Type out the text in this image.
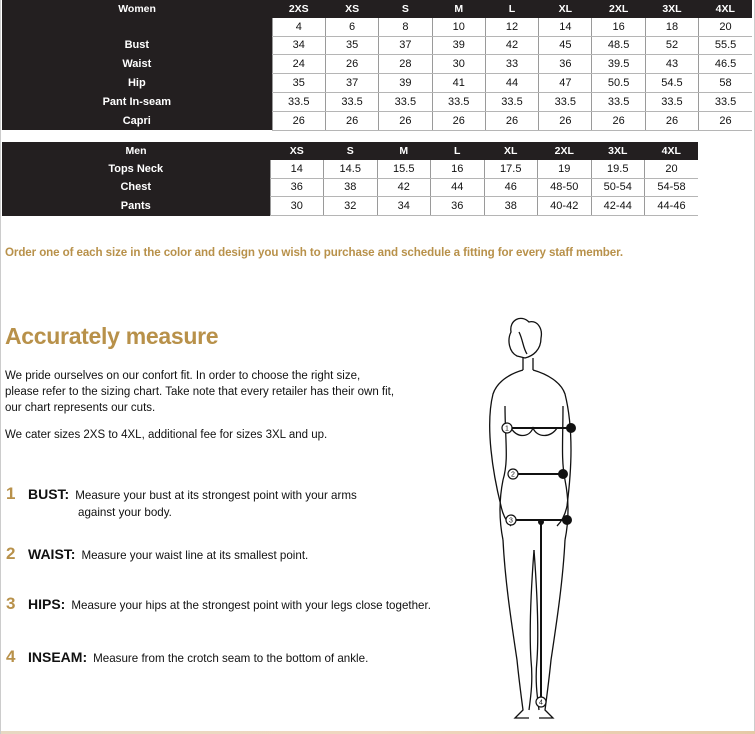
Women	2XS	XS	S	M	L	XL	2XL	3XL	4XL
	4	6	8	10	12	14	16	18	20
Bust	34	35	37	39	42	45	48.5	52	55.5
Waist	24	26	28	30	33	36	39.5	43	46.5
Hip	35	37	39	41	44	47	50.5	54.5	58
Pant In-seam	33.5	33.5	33.5	33.5	33.5	33.5	33.5	33.5	33.5
Capri	26	26	26	26	26	26	26	26	26
Men	XS	S	M	L	XL	2XL	3XL	4XL
Tops Neck	14	14.5	15.5	16	17.5	19	19.5	20
Chest	36	38	42	44	46	48-50	50-54	54-58
Pants	30	32	34	36	38	40-42	42-44	44-46
Order one of each size in the color and design you wish to purchase and schedule a fitting for every staff member.
Accurately measure
We pride ourselves on our confort fit. In order to choose the right size, please refer to the sizing chart. Take note that every retailer has their own fit, our chart represents our cuts.
We cater sizes 2XS to 4XL, additional fee for sizes 3XL and up.
1 BUST: Measure your bust at its strongest point with your arms
against your body.
2 WAIST: Measure your waist line at its smallest point.
3 HIPS: Measure your hips at the strongest point with your legs close together.
4 INSEAM: Measure from the crotch seam to the bottom of ankle.
1
2
3
4
